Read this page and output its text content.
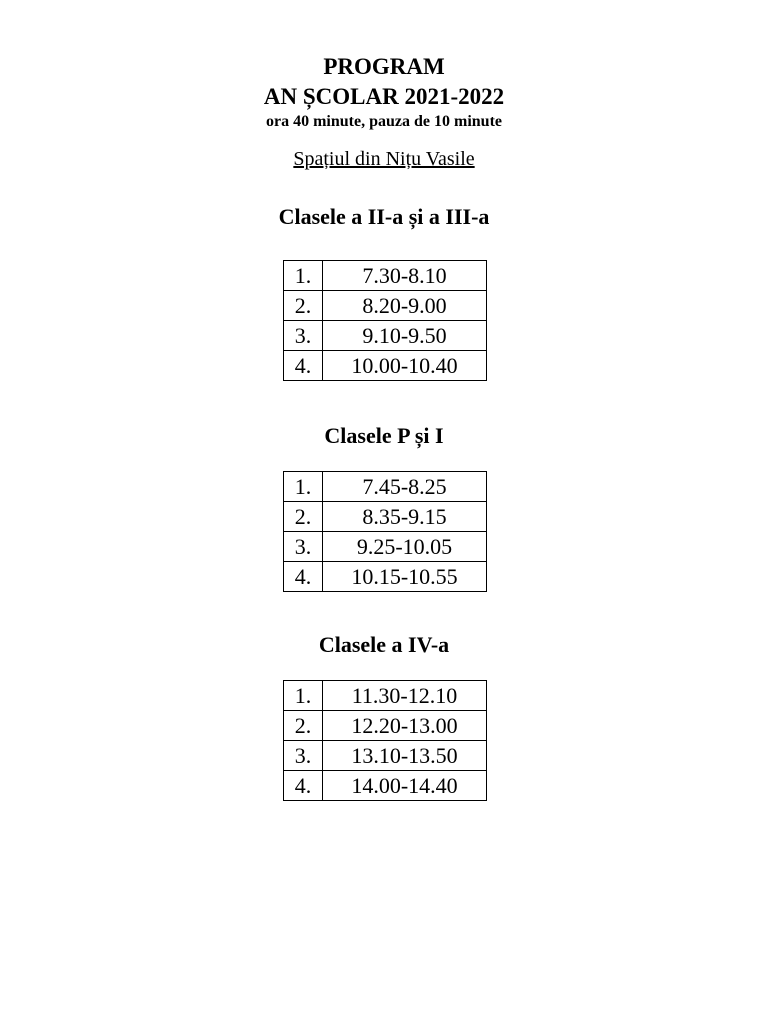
PROGRAM
AN ȘCOLAR 2021-2022
ora 40 minute, pauza de 10 minute
Spațiul din Nițu Vasile
Clasele a II-a și a III-a
1.	7.30-8.10
2.	8.20-9.00
3.	9.10-9.50
4.	10.00-10.40
Clasele P și I
1.	7.45-8.25
2.	8.35-9.15
3.	9.25-10.05
4.	10.15-10.55
Clasele a IV-a
1.	11.30-12.10
2.	12.20-13.00
3.	13.10-13.50
4.	14.00-14.40
